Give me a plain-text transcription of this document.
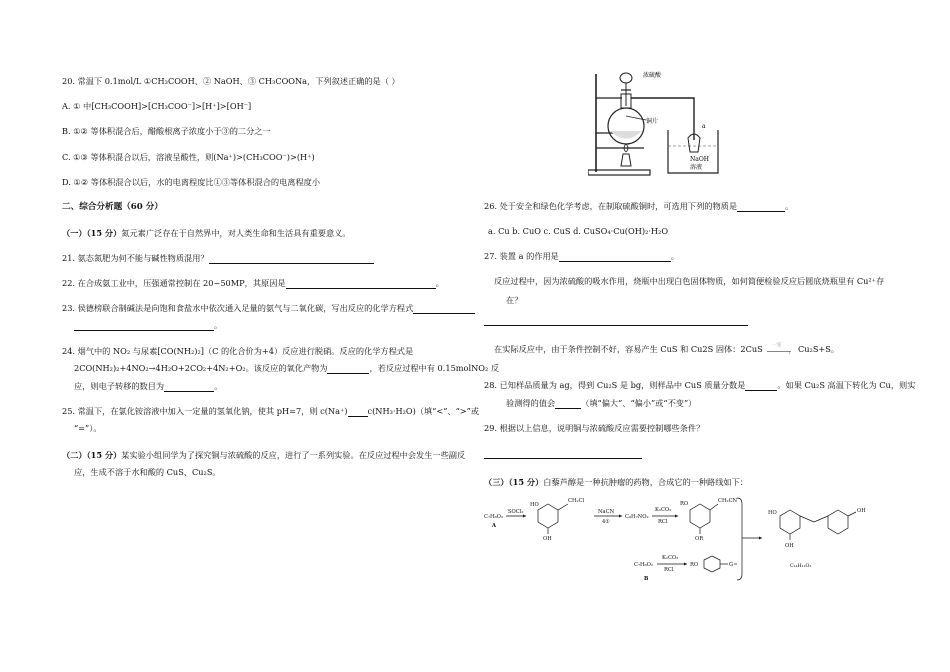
20. 常温下 0.1mol/L ①CH₃COOH、② NaOH、③ CH₃COONa，下列叙述正确的是（ ）
A. ① 中[CH₃COOH]>[CH₃COO⁻]>[H⁺]>[OH⁻]
B. ①② 等体积混合后，醋酸根离子浓度小于③的二分之一
C. ①③ 等体积混合以后，溶液呈酸性，则(Na⁺)>(CH₃COO⁻)>(H⁺)
D. ①② 等体积混合以后，水的电离程度比①③等体积混合的电离程度小
二、综合分析题（60 分）
（一）（15 分）氮元素广泛存在于自然界中，对人类生命和生活具有重要意义。
21. 氨态氮肥为何不能与碱性物质混用？
22. 在合成氨工业中，压强通常控制在 20~50MP，其原因是	。
23. 侯德榜联合制碱法是向饱和食盐水中依次通入足量的氨气与二氧化碳，写出反应的化学方程式
。
24. 烟气中的 NO₂ 与尿素[CO(NH₂)₂]（C 的化合价为+4）反应进行脱硝。反应的化学方程式是
2CO(NH₂)₂+4NO₂→4H₂O+2CO₂+4N₂+O₂。该反应的氧化产物为	，若反应过程中有 0.15molNO₂ 反
应，则电子转移的数目为	。
25. 常温下，在氯化铵溶液中加入一定量的氢氧化钠，使其 pH=7，则 c(Na⁺) c(NH₃·H₂O)（填“<”、“>”或
“=”）。
（二）（15 分）某实验小组同学为了探究铜与浓硫酸的反应，进行了一系列实验。在反应过程中会发生一些副反
应，生成不溶于水和酸的 CuS、Cu₂S。
浓硫酸
铜片
a
NaOH
溶液
26. 处于安全和绿色化学考虑，在制取硫酸铜时，可选用下列的物质是	。
a. Cu b. CuO c. CuS d. CuSO₄·Cu(OH)₂·H₂O
27. 装置 a 的作用是	。
反应过程中，因为浓硫酸的吸水作用，烧瓶中出现白色固体物质，如何简便检验反应后圆底烧瓶里有 Cu²⁺存
在？
在实际反应中，由于条件控制不好，容易产生 CuS 和 Cu2S 固体：2CuS 一定
› Cu₂S+S。
28. 已知样品质量为 ag，得到 Cu₂S 是 bg，则样品中 CuS 质量分数是	。如果 Cu₂S 高温下转化为 Cu，则实
验测得的值会	（填“偏大”、“偏小”或“不变”）
29. 根据以上信息，说明铜与浓硫酸反应需要控制哪些条件？
（三）（15 分）白藜芦醇是一种抗肿瘤的药物，合成它的一种路线如下：
C₇H₈O₃
A
SOCl₂
HO
CH₂Cl
OH
NaCN
4①
C₈H₇NO₂
K₂CO₃
RCl
RO	CH₂CN
OR
HO
OH
OH
C₁₄H₁₂O₃
C₇H₆O₂
B
K₂CO₃
RCl
RO	G
